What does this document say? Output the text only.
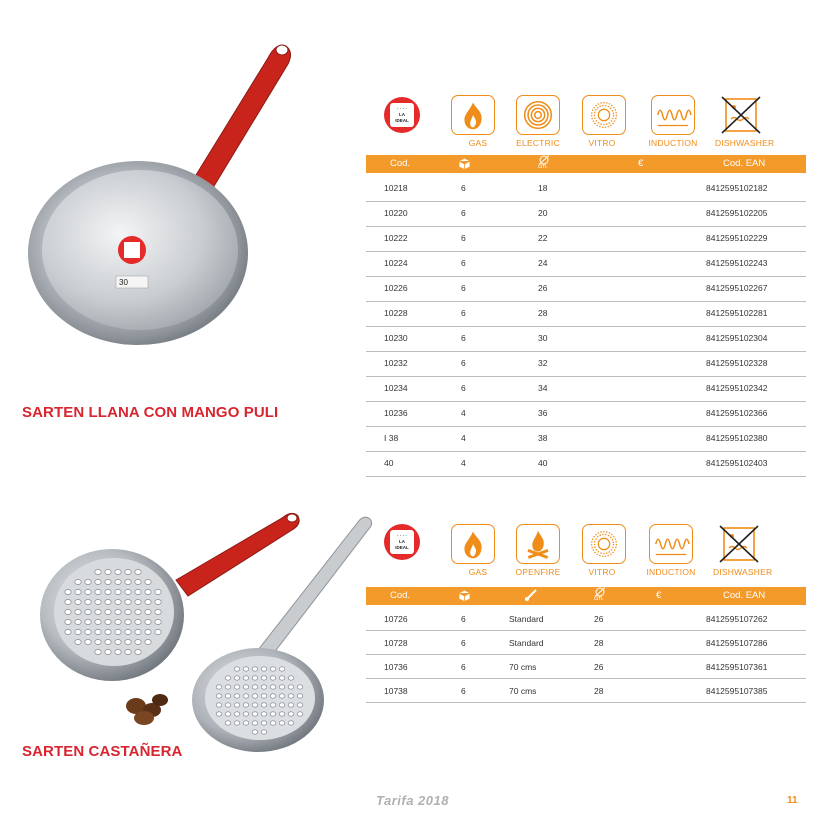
30
SARTEN LLANA CON MANGO PULI
· · · ·
LA
IDEAL
GAS	ELECTRIC	VITRO	INDUCTION DISHWASHER
Cod.	cm.	€	Cod. EAN
10218	6	18	8412595102182
10220	6	20	8412595102205
10222	6	22	8412595102229
10224	6	24	8412595102243
10226	6	26	8412595102267
10228	6	28	8412595102281
10230	6	30	8412595102304
10232	6	32	8412595102328
10234	6	34	8412595102342
10236	4	36	8412595102366
I 38	4	38	8412595102380
40	4	40	8412595102403
SARTEN CASTAÑERA
· · · ·
LA
IDEAL
GAS	OPENFIRE	VITRO	INDUCTION DISHWASHER
Cod.	cm.	€	Cod. EAN
10726	6	Standard	26	8412595107262
10728	6	Standard	28	8412595107286
10736	6	70 cms	26	8412595107361
10738	6	70 cms	28	8412595107385
Tarifa 2018	11
